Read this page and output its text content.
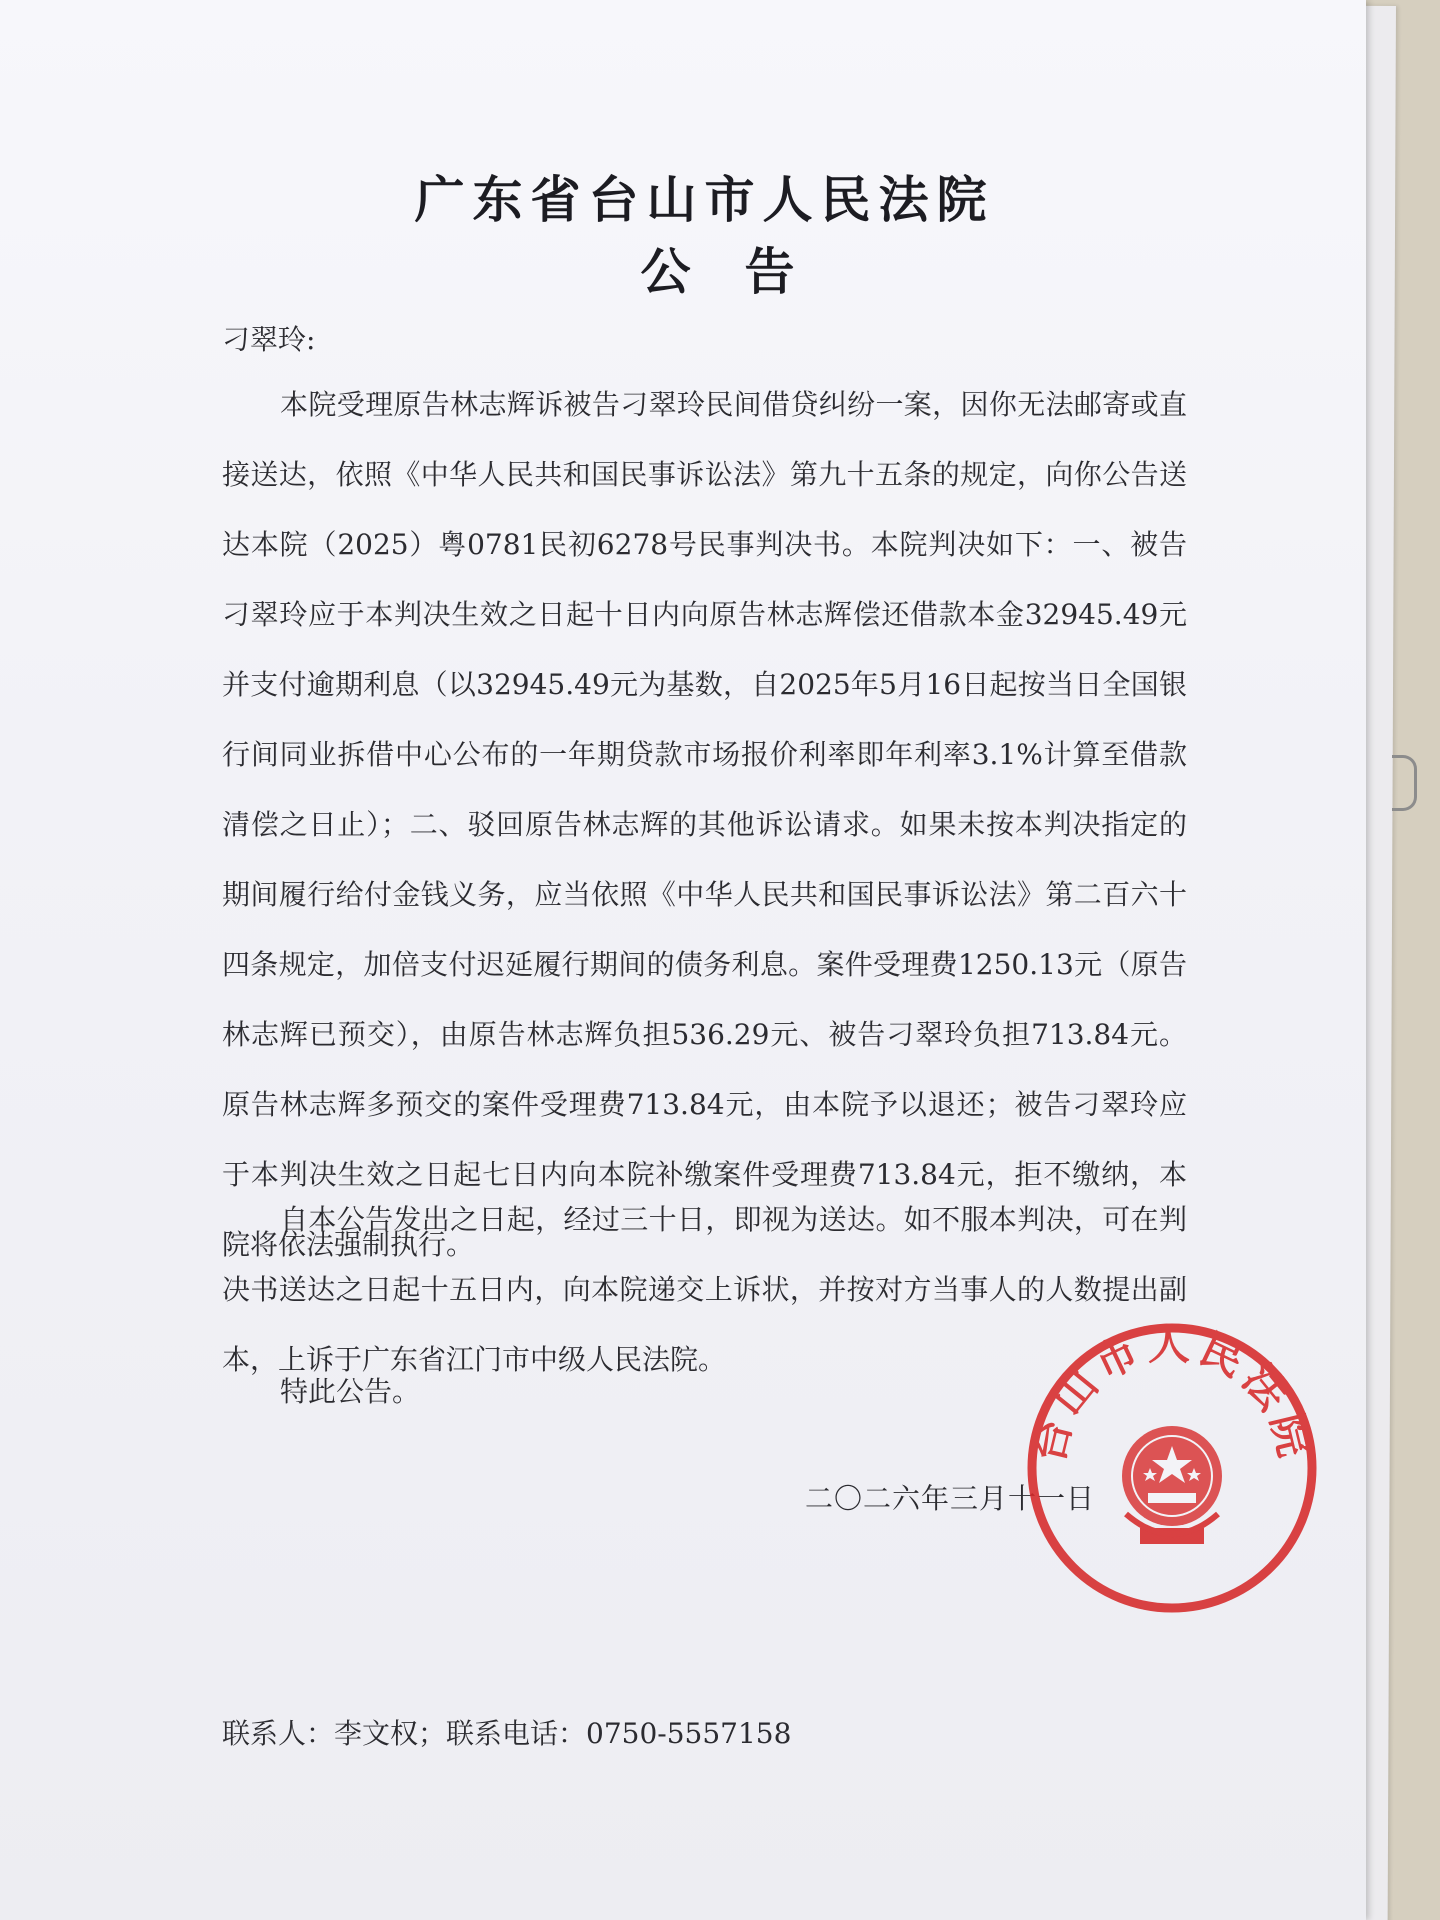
广东省台山市人民法院
公告
刁翠玲:

本院受理原告林志辉诉被告刁翠玲民间借贷纠纷一案，因你无法邮寄或直接送达，依照《中华人民共和国民事诉讼法》第九十五条的规定，向你公告送达本院（2025）粤0781民初6278号民事判决书。本院判决如下：一、被告刁翠玲应于本判决生效之日起十日内向原告林志辉偿还借款本金32945.49元并支付逾期利息（以32945.49元为基数，自2025年5月16日起按当日全国银行间同业拆借中心公布的一年期贷款市场报价利率即年利率3.1%计算至借款清偿之日止）；二、驳回原告林志辉的其他诉讼请求。如果未按本判决指定的期间履行给付金钱义务，应当依照《中华人民共和国民事诉讼法》第二百六十四条规定，加倍支付迟延履行期间的债务利息。案件受理费1250.13元（原告林志辉已预交），由原告林志辉负担536.29元、被告刁翠玲负担713.84元。原告林志辉多预交的案件受理费713.84元，由本院予以退还；被告刁翠玲应于本判决生效之日起七日内向本院补缴案件受理费713.84元，拒不缴纳，本院将依法强制执行。

自本公告发出之日起，经过三十日，即视为送达。如不服本判决，可在判决书送达之日起十五日内，向本院递交上诉状，并按对方当事人的人数提出副本，上诉于广东省江门市中级人民法院。

特此公告。

二〇二六年三月十一日
联系人：李文权；联系电话：0750-5557158
台山市人民法院
